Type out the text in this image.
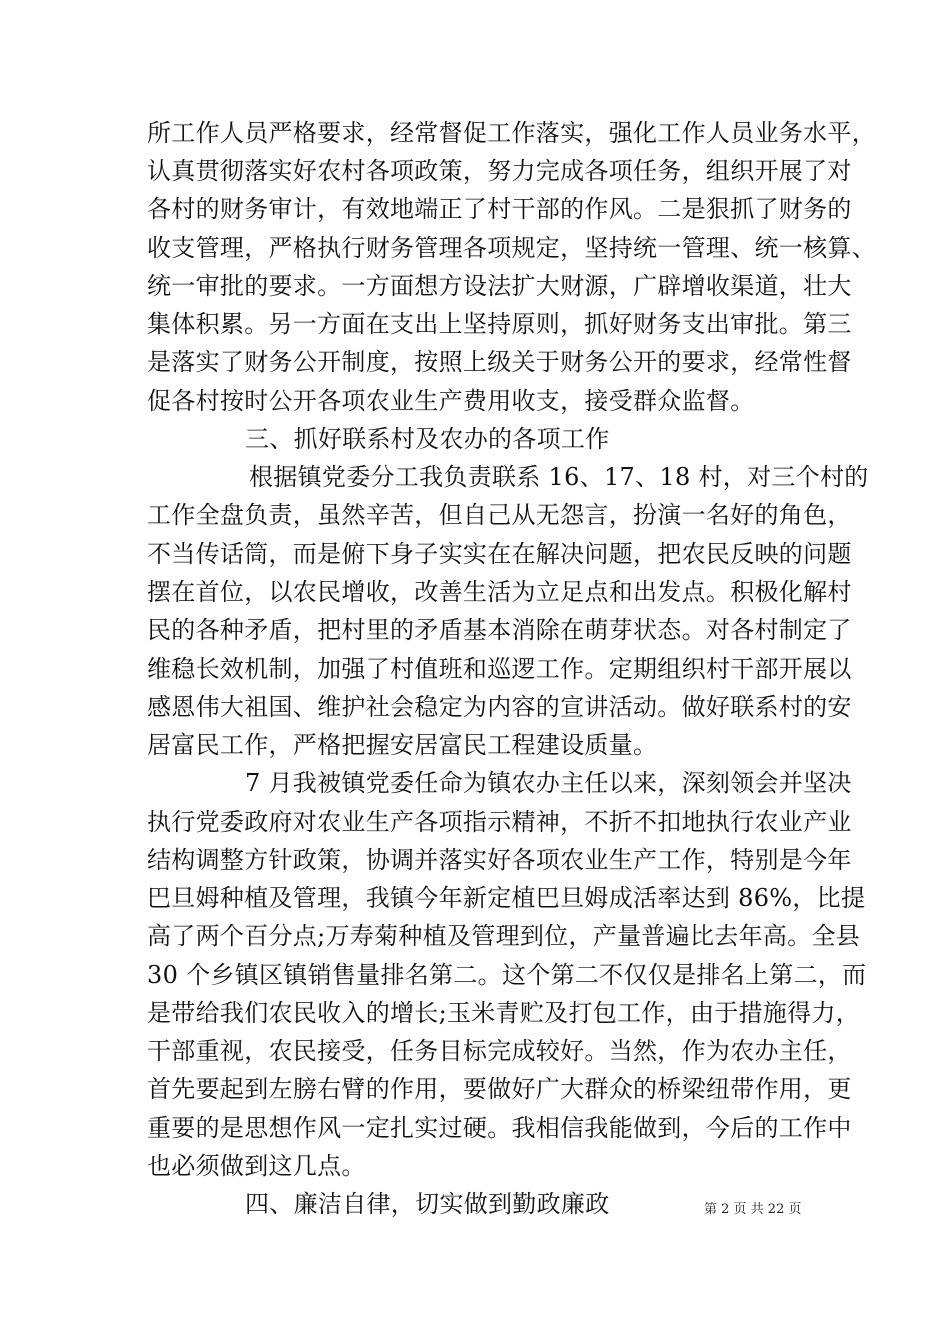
所工作人员严格要求，经常督促工作落实，强化工作人员业务水平，
认真贯彻落实好农村各项政策，努力完成各项任务，组织开展了对
各村的财务审计，有效地端正了村干部的作风。二是狠抓了财务的
收支管理，严格执行财务管理各项规定，坚持统一管理、统一核算、
统一审批的要求。一方面想方设法扩大财源，广辟增收渠道，壮大
集体积累。另一方面在支出上坚持原则，抓好财务支出审批。第三
是落实了财务公开制度，按照上级关于财务公开的要求，经常性督
促各村按时公开各项农业生产费用收支，接受群众监督。
三、抓好联系村及农办的各项工作
根据镇党委分工我负责联系 16、17、18 村，对三个村的
工作全盘负责，虽然辛苦，但自己从无怨言，扮演一名好的角色，
不当传话筒，而是俯下身子实实在在解决问题，把农民反映的问题
摆在首位，以农民增收，改善生活为立足点和出发点。积极化解村
民的各种矛盾，把村里的矛盾基本消除在萌芽状态。对各村制定了
维稳长效机制，加强了村值班和巡逻工作。定期组织村干部开展以
感恩伟大祖国、维护社会稳定为内容的宣讲活动。做好联系村的安
居富民工作，严格把握安居富民工程建设质量。
7 月我被镇党委任命为镇农办主任以来，深刻领会并坚决
执行党委政府对农业生产各项指示精神，不折不扣地执行农业产业
结构调整方针政策，协调并落实好各项农业生产工作，特别是今年
巴旦姆种植及管理，我镇今年新定植巴旦姆成活率达到 86%，比提
高了两个百分点;万寿菊种植及管理到位，产量普遍比去年高。全县
30 个乡镇区镇销售量排名第二。这个第二不仅仅是排名上第二，而
是带给我们农民收入的增长;玉米青贮及打包工作，由于措施得力，
干部重视，农民接受，任务目标完成较好。当然，作为农办主任，
首先要起到左膀右臂的作用，要做好广大群众的桥梁纽带作用，更
重要的是思想作风一定扎实过硬。我相信我能做到，今后的工作中
也必须做到这几点。
四、廉洁自律，切实做到勤政廉政	第 2 页 共 22 页
